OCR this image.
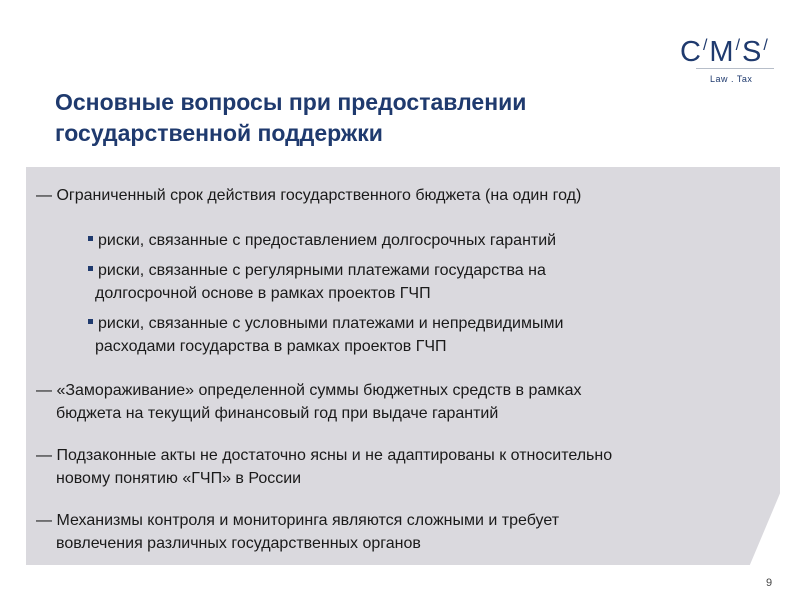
C/M/S/
Law . Tax
Основные вопросы при предоставлении
государственной поддержки
— Ограниченный срок действия государственного бюджета (на один год)
риски, связанные с предоставлением долгосрочных гарантий
риски, связанные с регулярными платежами государства на
долгосрочной основе в рамках проектов ГЧП
риски, связанные с условными платежами и непредвидимыми
расходами государства в рамках проектов ГЧП
— «Замораживание» определенной суммы бюджетных средств в рамках
бюджета на текущий финансовый год при выдаче гарантий
— Подзаконные акты не достаточно ясны и не адаптированы к относительно
новому понятию «ГЧП» в России
— Механизмы контроля и мониторинга являются сложными и требует
вовлечения различных государственных органов
9
